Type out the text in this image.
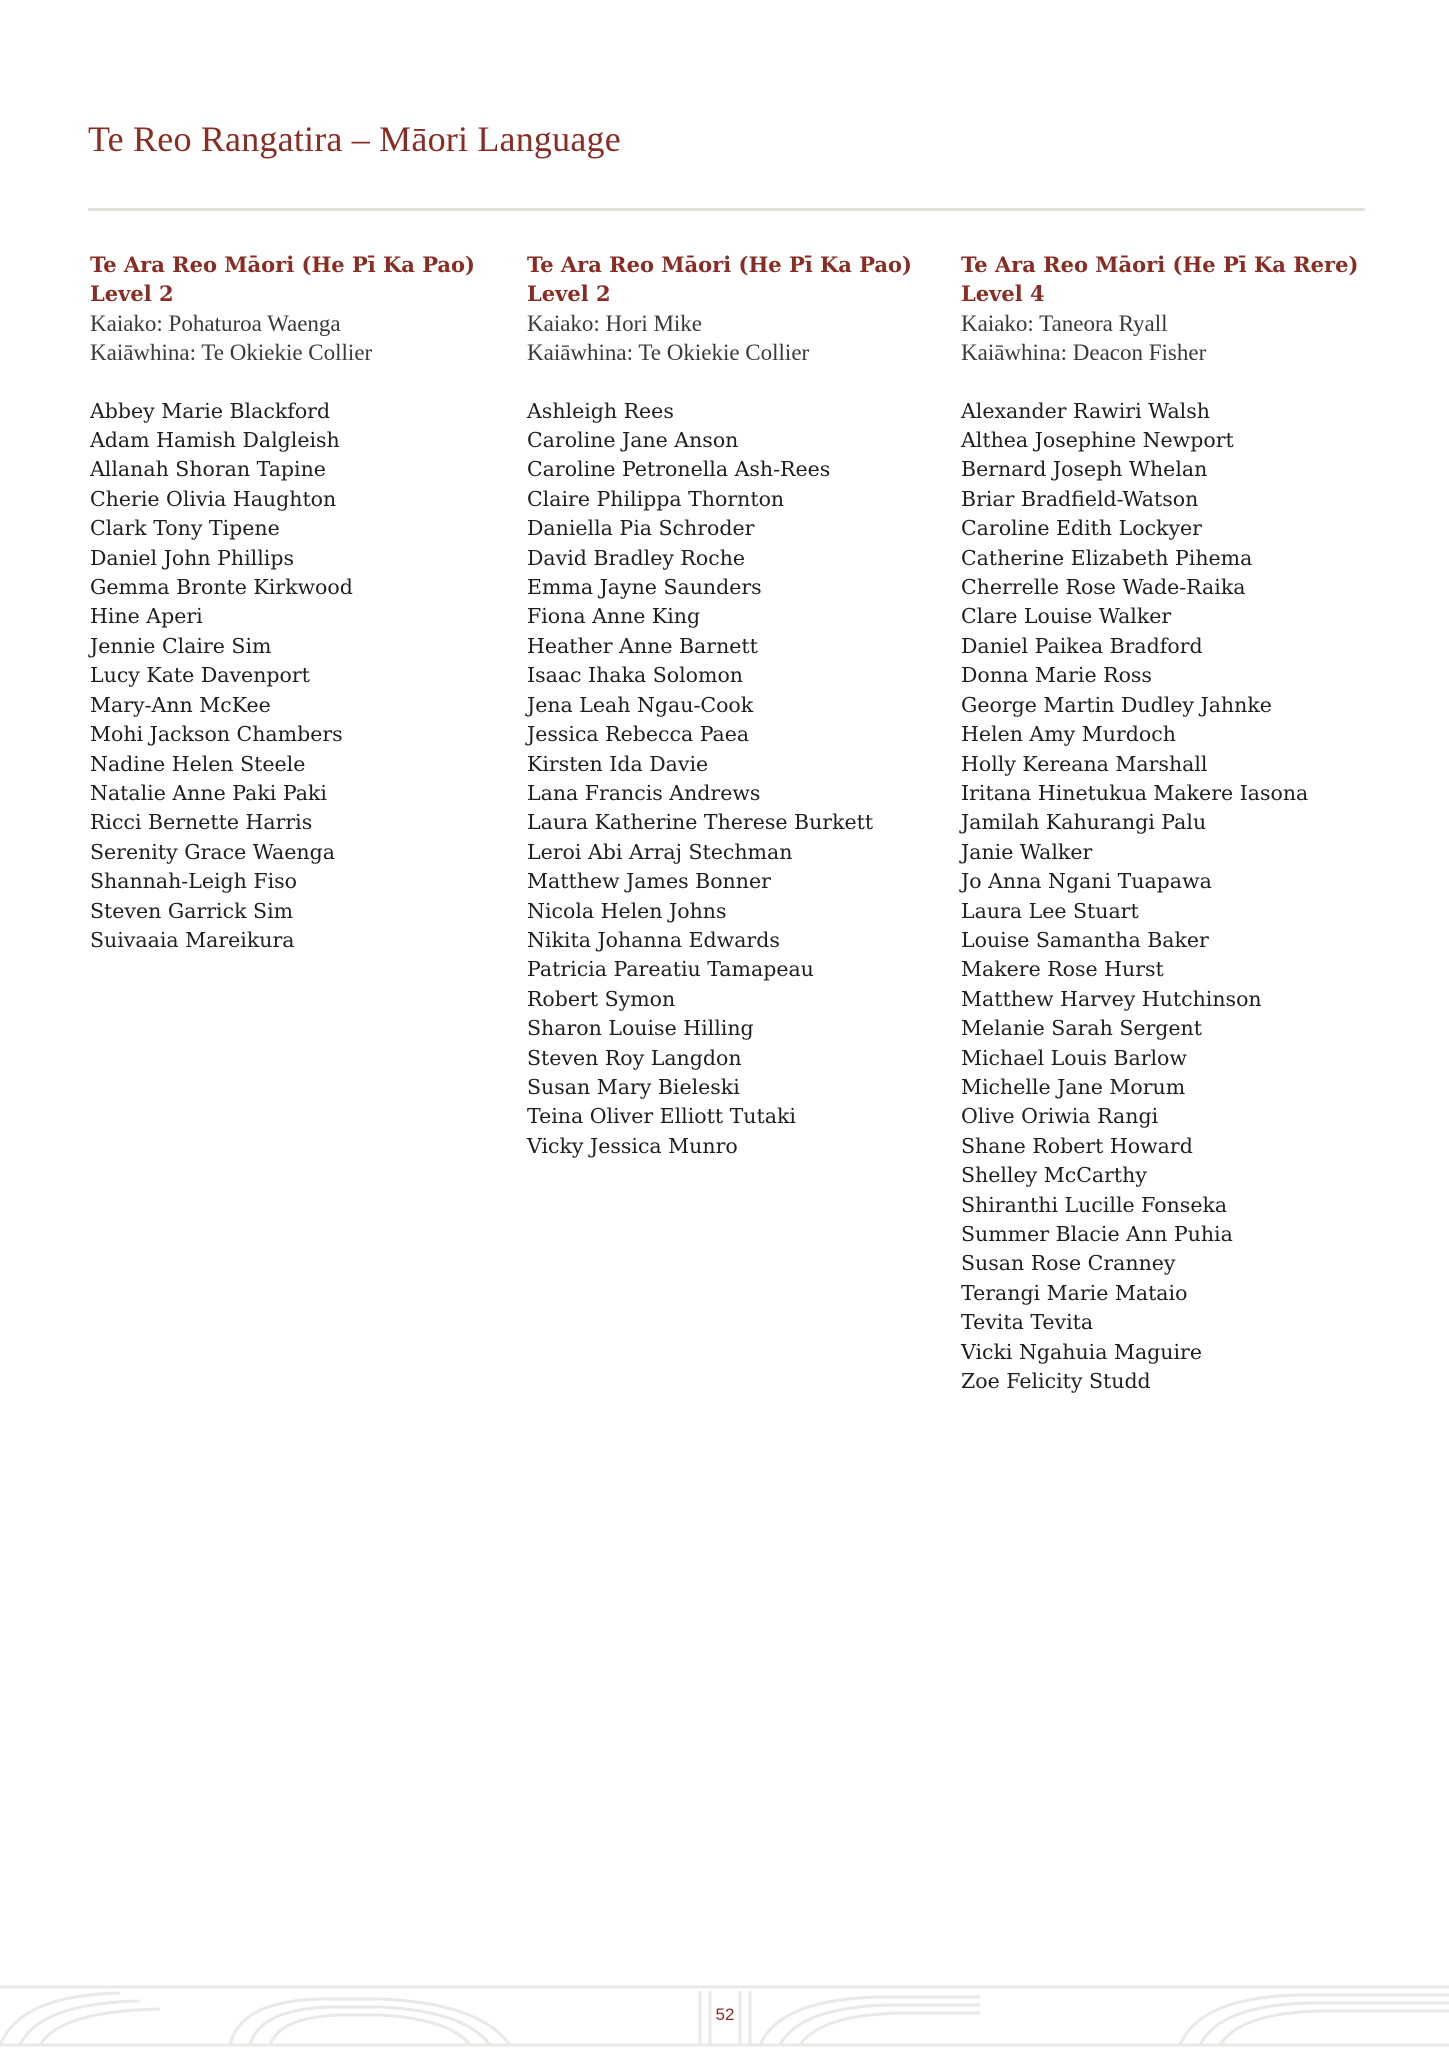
Te Reo Rangatira – Māori Language

Te Ara Reo Māori (He Pī Ka Pao)

Level 2

Kaiako: Pohaturoa Waenga

Kaiāwhina: Te Okiekie Collier

Abbey Marie Blackford
Adam Hamish Dalgleish
Allanah Shoran Tapine
Cherie Olivia Haughton
Clark Tony Tipene
Daniel John Phillips
Gemma Bronte Kirkwood
Hine Aperi
Jennie Claire Sim
Lucy Kate Davenport
Mary-Ann McKee
Mohi Jackson Chambers
Nadine Helen Steele
Natalie Anne Paki Paki
Ricci Bernette Harris
Serenity Grace Waenga
Shannah-Leigh Fiso
Steven Garrick Sim
Suivaaia Mareikura

Te Ara Reo Māori (He Pī Ka Pao)

Level 2

Kaiako: Hori Mike

Kaiāwhina: Te Okiekie Collier

Ashleigh Rees
Caroline Jane Anson
Caroline Petronella Ash-Rees
Claire Philippa Thornton
Daniella Pia Schroder
David Bradley Roche
Emma Jayne Saunders
Fiona Anne King
Heather Anne Barnett
Isaac Ihaka Solomon
Jena Leah Ngau-Cook
Jessica Rebecca Paea
Kirsten Ida Davie
Lana Francis Andrews
Laura Katherine Therese Burkett
Leroi Abi Arraj Stechman
Matthew James Bonner
Nicola Helen Johns
Nikita Johanna Edwards
Patricia Pareatiu Tamapeau
Robert Symon
Sharon Louise Hilling
Steven Roy Langdon
Susan Mary Bieleski
Teina Oliver Elliott Tutaki
Vicky Jessica Munro

Te Ara Reo Māori (He Pī Ka Rere)

Level 4

Kaiako: Taneora Ryall

Kaiāwhina: Deacon Fisher

Alexander Rawiri Walsh
Althea Josephine Newport
Bernard Joseph Whelan
Briar Bradfield-Watson
Caroline Edith Lockyer
Catherine Elizabeth Pihema
Cherrelle Rose Wade-Raika
Clare Louise Walker
Daniel Paikea Bradford
Donna Marie Ross
George Martin Dudley Jahnke
Helen Amy Murdoch
Holly Kereana Marshall
Iritana Hinetukua Makere Iasona
Jamilah Kahurangi Palu
Janie Walker
Jo Anna Ngani Tuapawa
Laura Lee Stuart
Louise Samantha Baker
Makere Rose Hurst
Matthew Harvey Hutchinson
Melanie Sarah Sergent
Michael Louis Barlow
Michelle Jane Morum
Olive Oriwia Rangi
Shane Robert Howard
Shelley McCarthy
Shiranthi Lucille Fonseka
Summer Blacie Ann Puhia
Susan Rose Cranney
Terangi Marie Mataio
Tevita Tevita
Vicki Ngahuia Maguire
Zoe Felicity Studd
52
